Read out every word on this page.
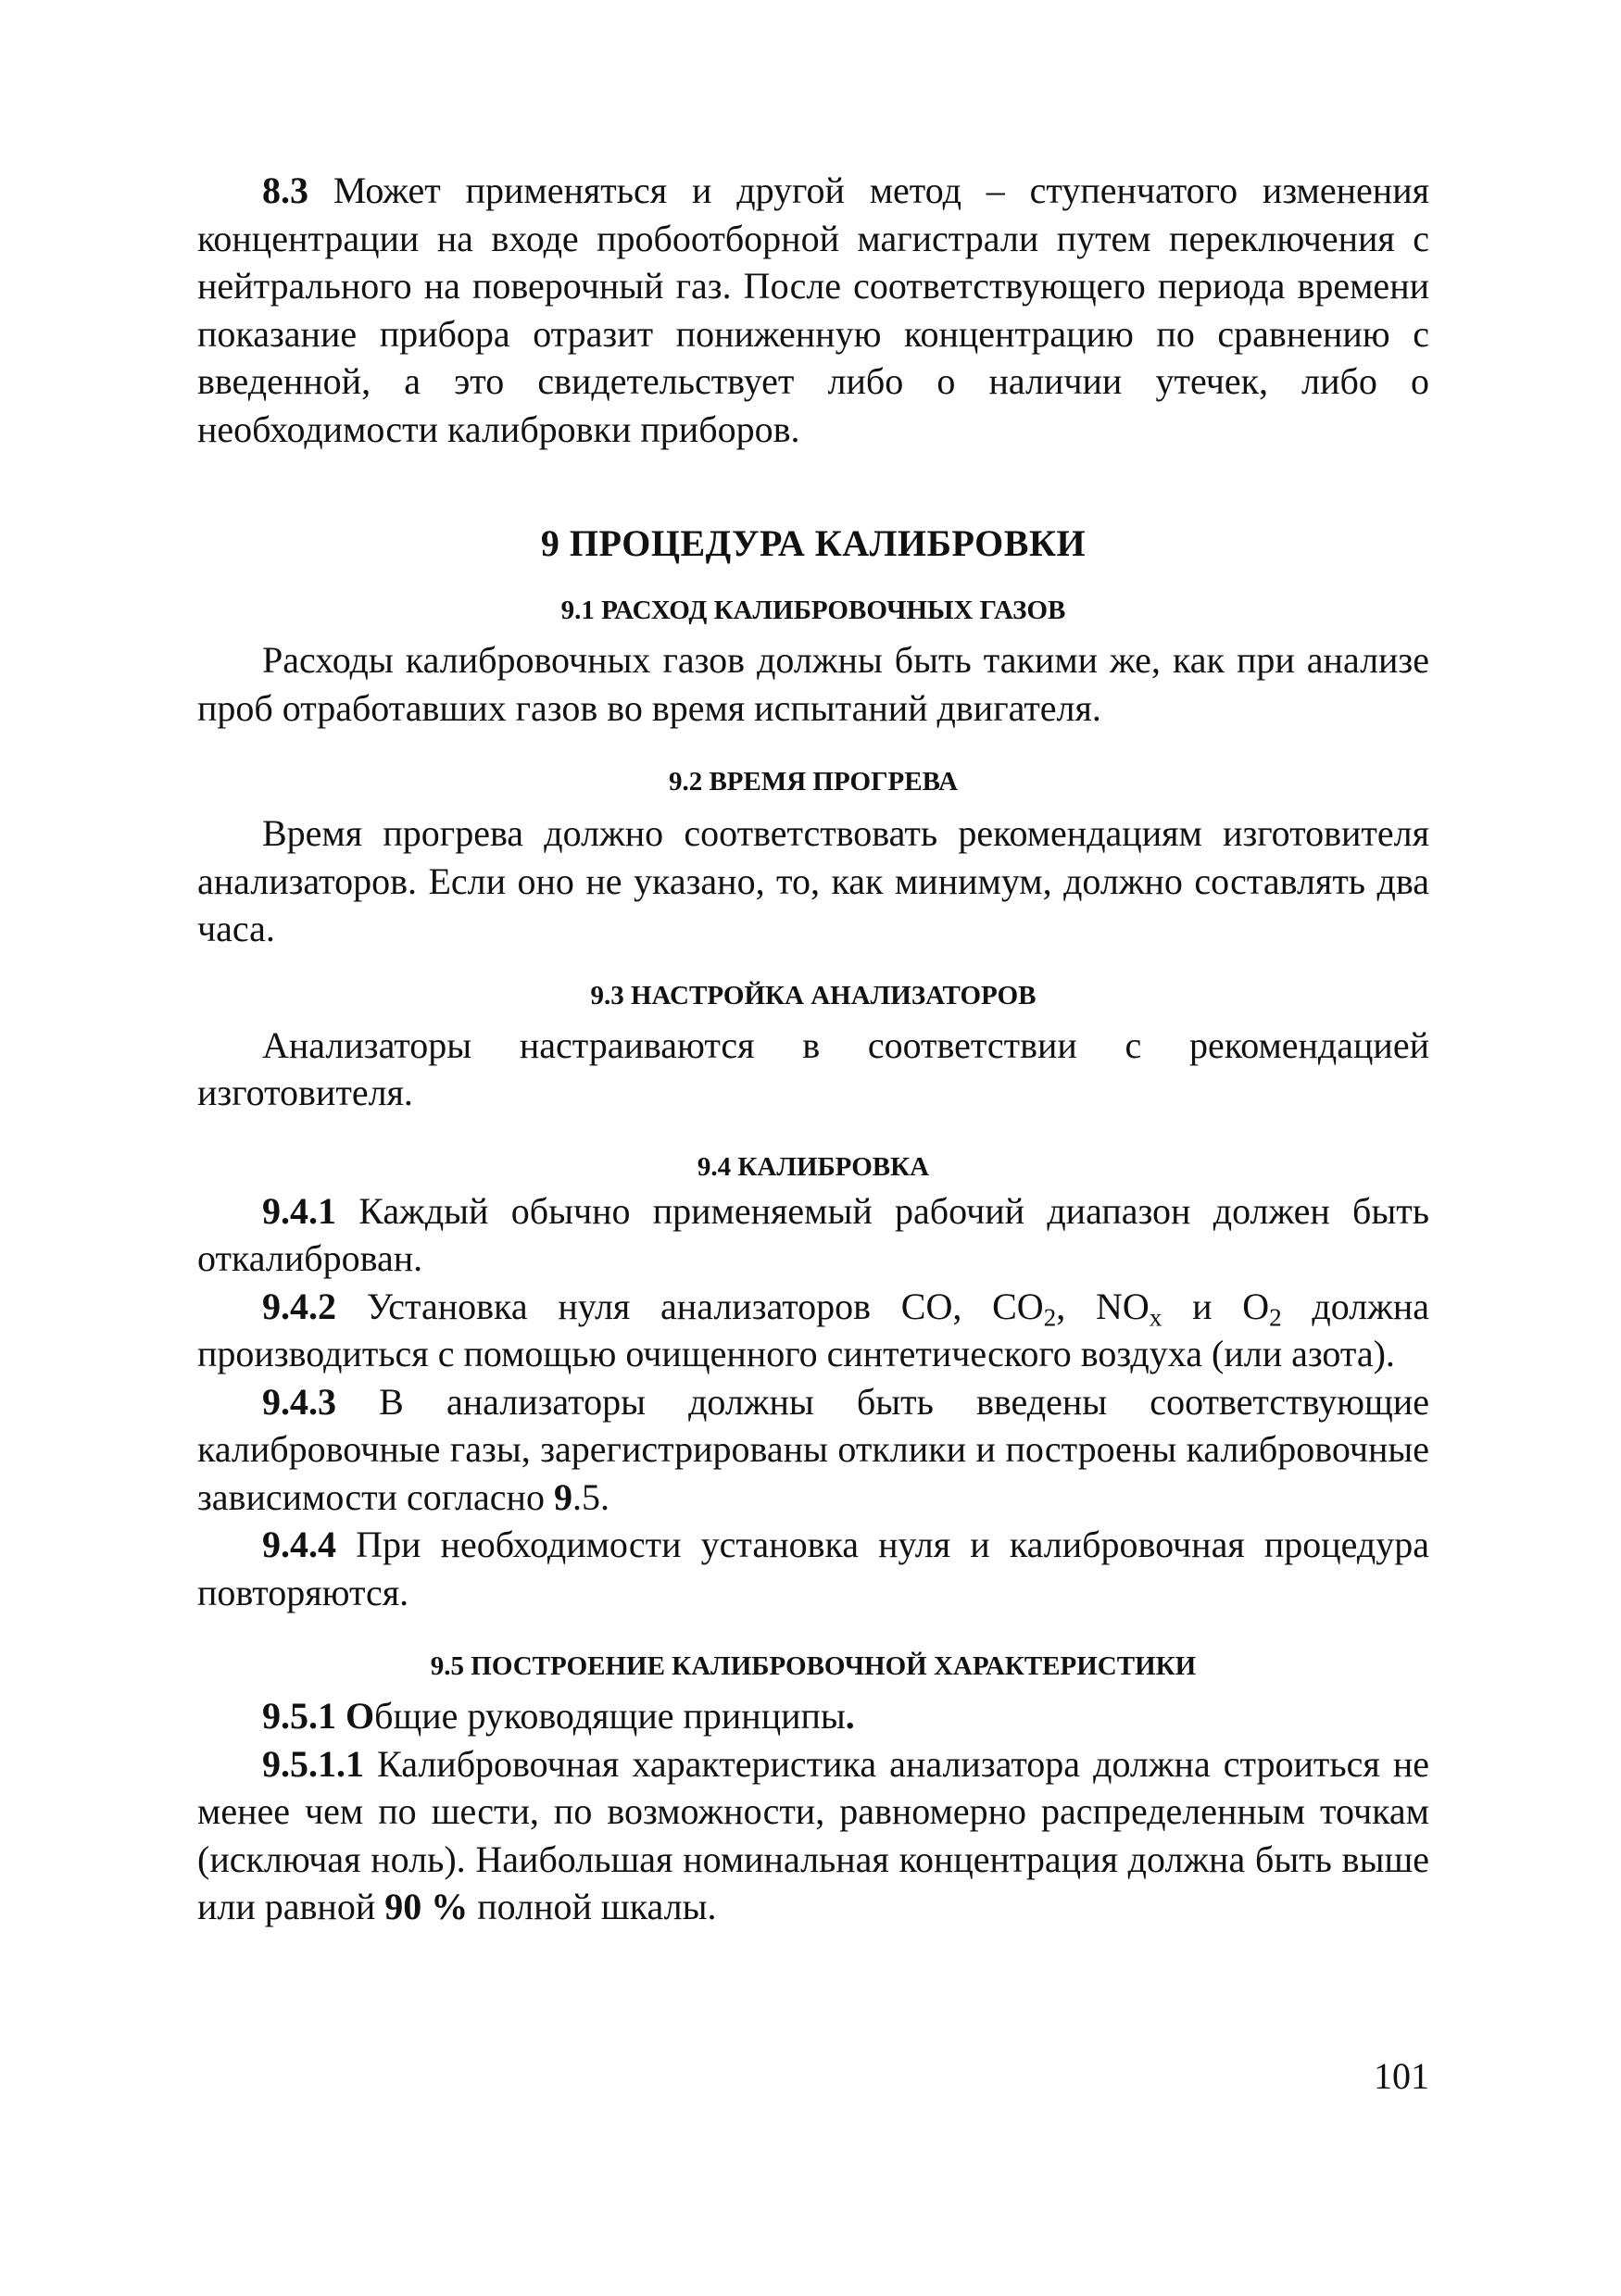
8.3 Может применяться и другой метод – ступенчатого изменения концентрации на входе пробоотборной магистрали путем переключения с нейтрального на поверочный газ. После соответствующего периода времени показание прибора отразит пониженную концентрацию по сравнению с введенной, а это свидетельствует либо о наличии утечек, либо о необходимости калибровки приборов.

9 ПРОЦЕДУРА КАЛИБРОВКИ
9.1 РАСХОД КАЛИБРОВОЧНЫХ ГАЗОВ

Расходы калибровочных газов должны быть такими же, как при анализе проб отработавших газов во время испытаний двигателя.

9.2 ВРЕМЯ ПРОГРЕВА

Время прогрева должно соответствовать рекомендациям изготовителя анализаторов. Если оно не указано, то, как минимум, должно составлять два часа.

9.3 НАСТРОЙКА АНАЛИЗАТОРОВ

Анализаторы настраиваются в соответствии с рекомендацией изготовителя.

9.4 КАЛИБРОВКА

9.4.1 Каждый обычно применяемый рабочий диапазон должен быть откалиброван.

9.4.2 Установка нуля анализаторов CO, CO2, NOx и O2 должна производиться с помощью очищенного синтетического воздуха (или азота).

9.4.3 В анализаторы должны быть введены соответствующие калибровочные газы, зарегистрированы отклики и построены калибровочные зависимости согласно 9.5.

9.4.4 При необходимости установка нуля и калибровочная процедура повторяются.

9.5 ПОСТРОЕНИЕ КАЛИБРОВОЧНОЙ ХАРАКТЕРИСТИКИ

9.5.1 Общие руководящие принципы.

9.5.1.1 Калибровочная характеристика анализатора должна строиться не менее чем по шести, по возможности, равномерно распределенным точкам (исключая ноль). Наибольшая номинальная концентрация должна быть выше или равной 90 % полной шкалы.

101
